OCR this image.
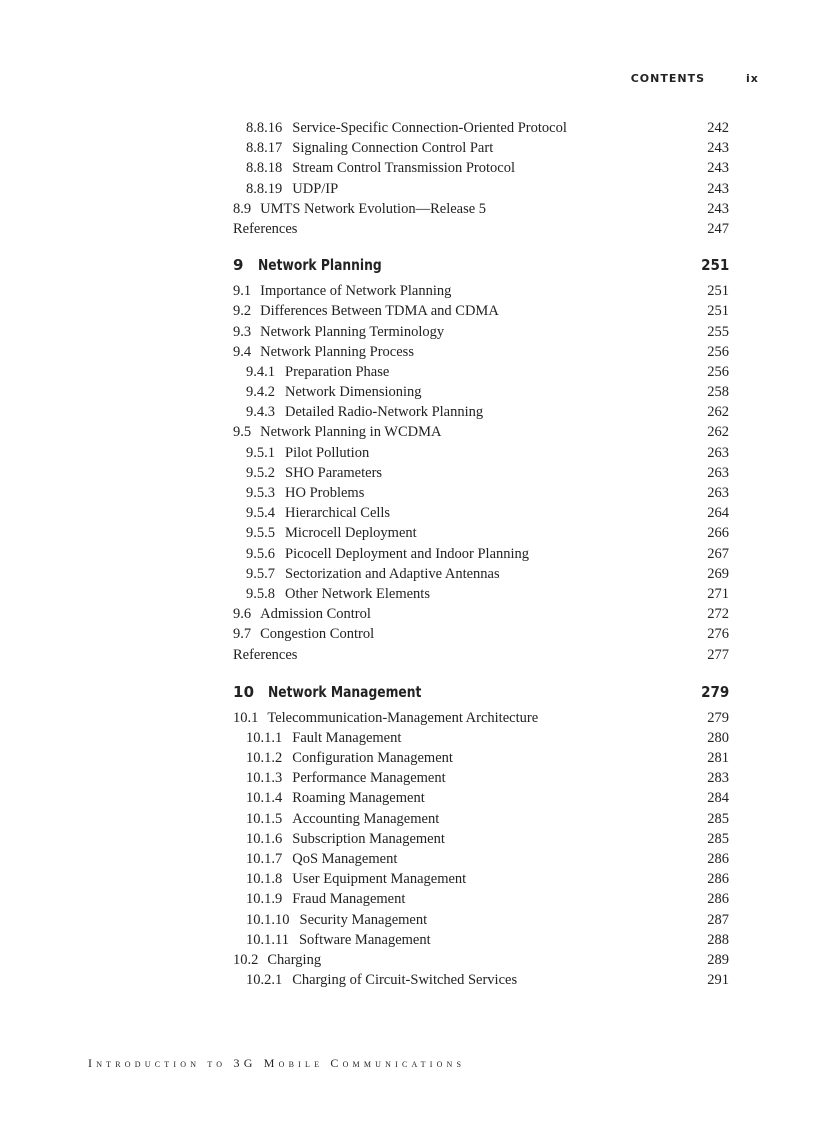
CONTENTS	ix
8.8.16 Service-Specific Connection-Oriented Protocol	242
8.8.17 Signaling Connection Control Part	243
8.8.18 Stream Control Transmission Protocol	243
8.8.19 UDP/IP	243
8.9 UMTS Network Evolution—Release 5	243
References	247
9 Network Planning	251
9.1 Importance of Network Planning	251
9.2 Differences Between TDMA and CDMA	251
9.3 Network Planning Terminology	255
9.4 Network Planning Process	256
9.4.1 Preparation Phase	256
9.4.2 Network Dimensioning	258
9.4.3 Detailed Radio-Network Planning	262
9.5 Network Planning in WCDMA	262
9.5.1 Pilot Pollution	263
9.5.2 SHO Parameters	263
9.5.3 HO Problems	263
9.5.4 Hierarchical Cells	264
9.5.5 Microcell Deployment	266
9.5.6 Picocell Deployment and Indoor Planning	267
9.5.7 Sectorization and Adaptive Antennas	269
9.5.8 Other Network Elements	271
9.6 Admission Control	272
9.7 Congestion Control	276
References	277
10 Network Management	279
10.1 Telecommunication-Management Architecture	279
10.1.1 Fault Management	280
10.1.2 Configuration Management	281
10.1.3 Performance Management	283
10.1.4 Roaming Management	284
10.1.5 Accounting Management	285
10.1.6 Subscription Management	285
10.1.7 QoS Management	286
10.1.8 User Equipment Management	286
10.1.9 Fraud Management	286
10.1.10 Security Management	287
10.1.11 Software Management	288
10.2 Charging	289
10.2.1 Charging of Circuit-Switched Services	291
Introduction to 3G Mobile Communications
